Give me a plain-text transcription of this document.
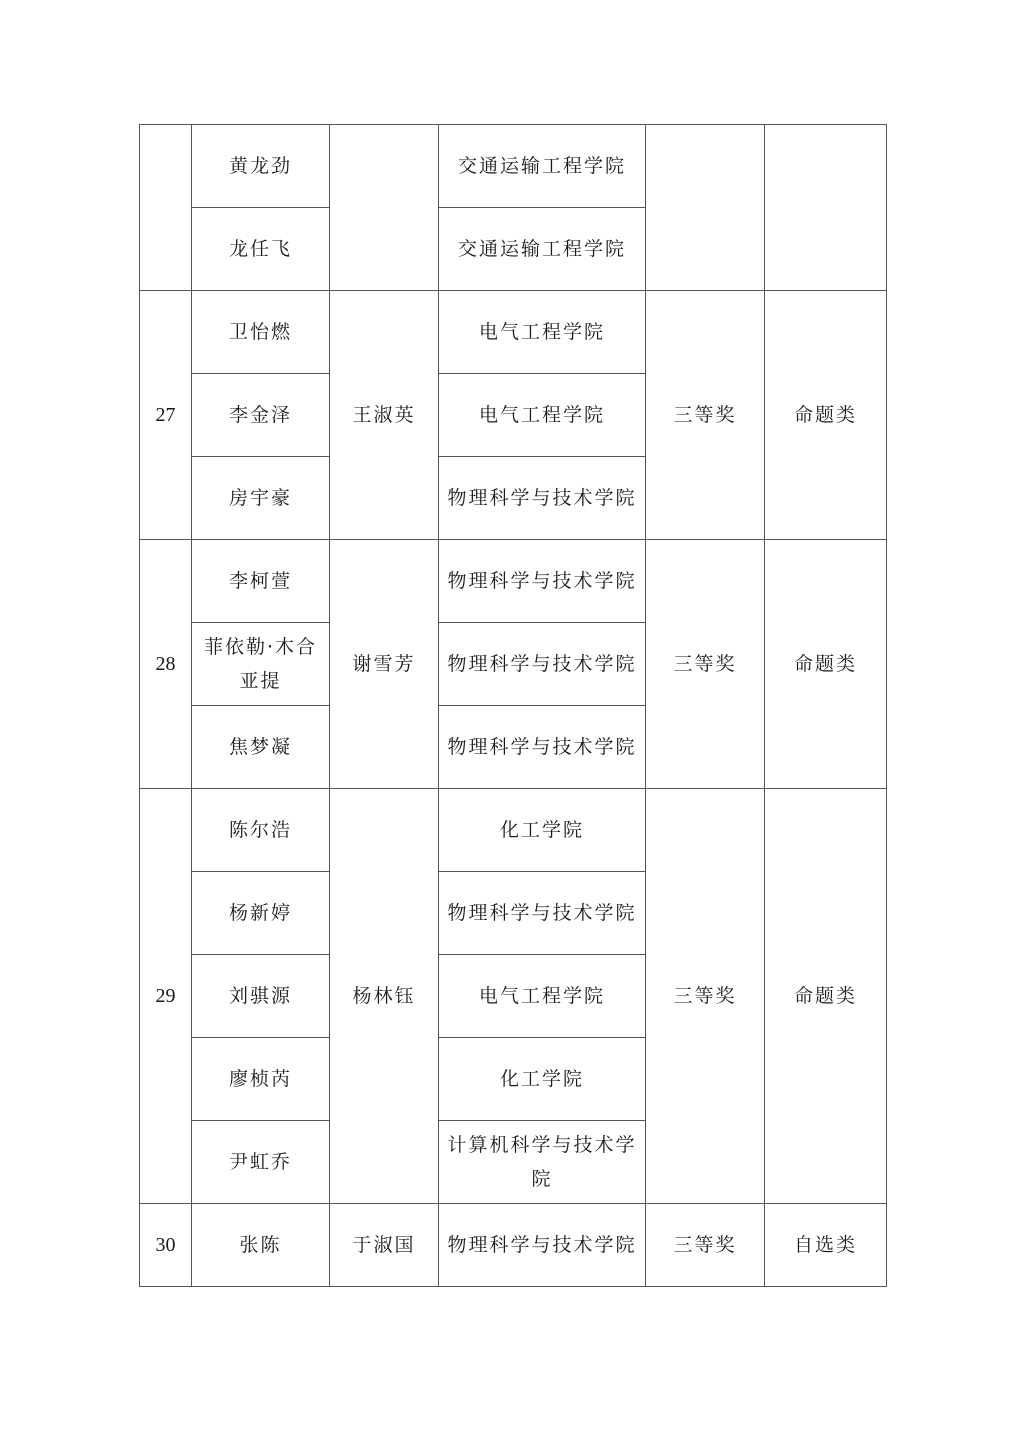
	黄龙劲		交通运输工程学院		
	龙任飞		交通运输工程学院		
27	卫怡燃	王淑英	电气工程学院	三等奖	命题类
	李金泽		电气工程学院		
	房宇豪		物理科学与技术学院		
28	李柯萱	谢雪芳	物理科学与技术学院	三等奖	命题类
	菲依勒·木合亚提		物理科学与技术学院		
	焦梦凝		物理科学与技术学院		
29	陈尔浩	杨林钰	化工学院	三等奖	命题类
	杨新婷		物理科学与技术学院		
	刘骐源		电气工程学院		
	廖桢芮		化工学院		
	尹虹乔		计算机科学与技术学院		
30	张陈	于淑国	物理科学与技术学院	三等奖	自选类
